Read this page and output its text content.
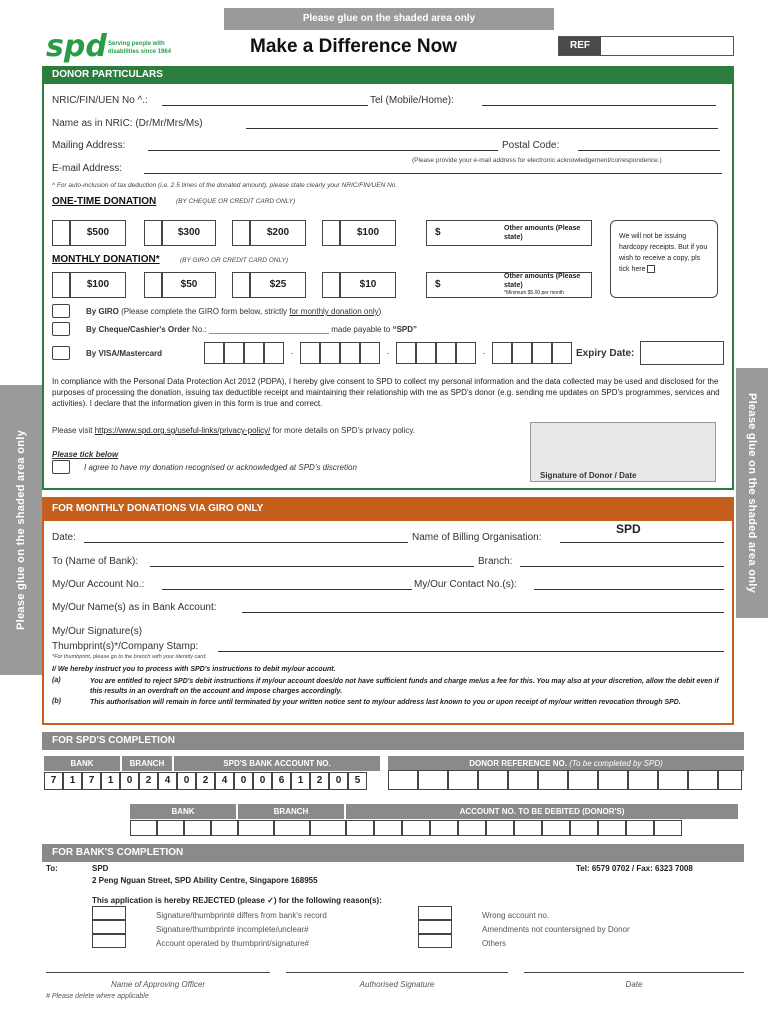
Please glue on the shaded area only
Please glue on the shaded area only	Please glue on the shaded area only
spd Serving people with disabilities since 1964	Make a Difference Now	REF
DONOR PARTICULARS
NRIC/FIN/UEN No ^.:	Tel (Mobile/Home):
Name as in NRIC: (Dr/Mr/Mrs/Ms)
Mailing Address:	Postal Code:
(Please provide your e-mail address for electronic acknowledgement/correspondence.)
E-mail Address:
^ For auto-inclusion of tax deduction (i.e. 2.5 times of the donated amount), please state clearly your NRIC/FIN/UEN No.
ONE-TIME DONATION	(BY CHEQUE OR CREDIT CARD ONLY)
$500	$300	$200	$100	$	Other amounts (Please state)
MONTHLY DONATION*	(BY GIRO OR CREDIT CARD ONLY)
$100	$50	$25	$10	$
Other amounts (Please state)
*Minimum $5.00 per month
We will not be issuing hardcopy receipts. But if you wish to receive a copy, pls tick here
By GIRO (Please complete the GIRO form below, strictly for monthly donation only)
By Cheque/Cashier's Order No.: ___________________________ made payable to “SPD”
By VISA/Mastercard	·	·	·	Expiry Date:
In compliance with the Personal Data Protection Act 2012 (PDPA), I hereby give consent to SPD to collect my personal information and the data collected may be used and disclosed for the purposes of processing the donation, issuing tax deductible receipt and maintaining their relationship with me as SPD’s donor (e.g. sending me updates on SPD’s programmes, services and activities). I declare that the information given in this form is true and correct.
Please visit https://www.spd.org.sg/useful-links/privacy-policy/ for more details on SPD’s privacy policy.
Please tick below
I agree to have my donation recognised or acknowledged at SPD’s discretion
Signature of Donor / Date
FOR MONTHLY DONATIONS VIA GIRO ONLY
Date:	Name of Billing Organisation:
SPD
To (Name of Bank):	Branch:
My/Our Account No.:	My/Our Contact No.(s):
My/Our Name(s) as in Bank Account:
My/Our Signature(s)
Thumbprint(s)*/Company Stamp:
*For thumbprint, please go to the branch with your identity card.
I/ We hereby instruct you to process with SPD's instructions to debit my/our account.
(a)	You are entitled to reject SPD's debit instructions if my/our account does/do not have sufficient funds and charge me/us a fee for this. You may also at your discretion, allow the debit even if this results in an overdraft on the account and impose charges accordingly.
(b)	This authorisation will remain in force until terminated by your written notice sent to my/our address last known to you or upon receipt of my/our written revocation through SPD.
FOR SPD'S COMPLETION
BANK	BRANCH	SPD'S BANK ACCOUNT NO.	DONOR REFERENCE NO. (To be completed by SPD)
7	1	7	1	0	2	4	0	2	4	0	0	6	1	2	0	5
BANK	BRANCH	ACCOUNT NO. TO BE DEBITED (DONOR'S)
FOR BANK'S COMPLETION
To:	SPD
2 Peng Nguan Street, SPD Ability Centre, Singapore 168955
Tel: 6579 0702 / Fax: 6323 7008
This application is hereby REJECTED (please ✓) for the following reason(s):
Signature/thumbprint# differs from bank's record
Signature/thumbprint# incomplete/unclear#
Account operated by thumbprint/signature#
Wrong account no.
Amendments not countersigned by Donor
Others
Name of Approving Officer	Authorised Signature	Date
# Please delete where applicable
